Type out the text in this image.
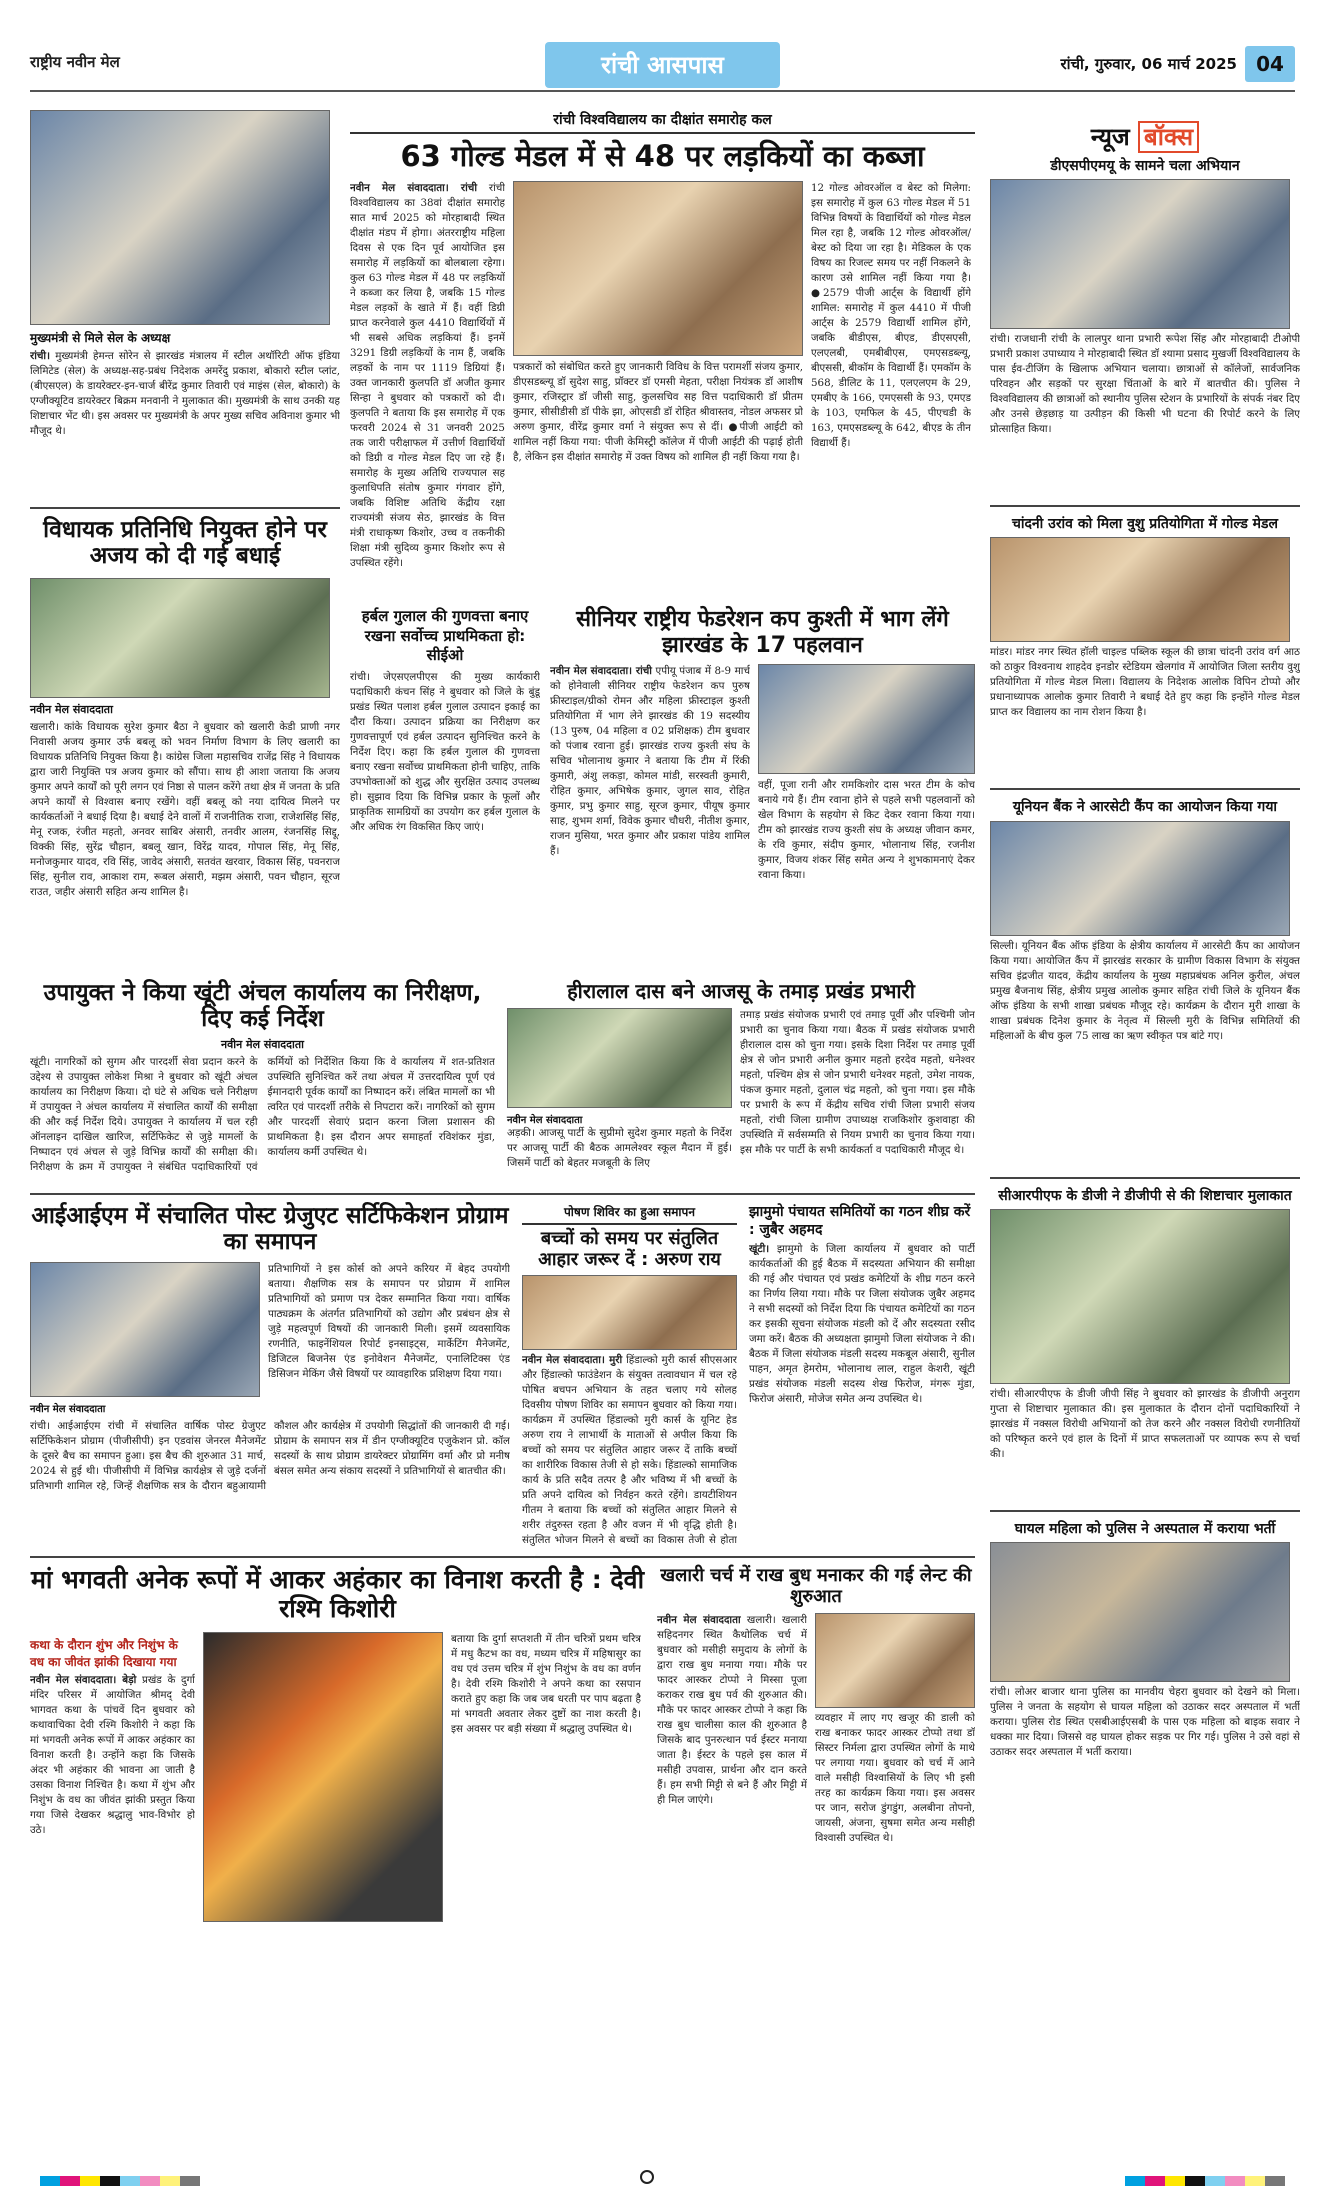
राष्ट्रीय नवीन मेल	रांची आसपास	रांची, गुरुवार, 06 मार्च 2025 04
मुख्यमंत्री से मिले सेल के अध्यक्ष
रांची। मुख्यमंत्री हेमन्त सोरेन से झारखंड मंत्रालय में स्टील अथॉरिटी ऑफ इंडिया लिमिटेड (सेल) के अध्यक्ष-सह-प्रबंध निदेशक अमरेंदु प्रकाश, बोकारो स्टील प्लांट, (बीएसएल) के डायरेक्टर-इन-चार्ज बीरेंद्र कुमार तिवारी एवं माइंस (सेल, बोकारो) के एग्जीक्यूटिव डायरेक्टर बिक्रम मनवानी ने मुलाकात की। मुख्यमंत्री के साथ उनकी यह शिष्टाचार भेंट थी। इस अवसर पर मुख्यमंत्री के अपर मुख्य सचिव अविनाश कुमार भी मौजूद थे।
विधायक प्रतिनिधि नियुक्त होने पर अजय को दी गई बधाई
नवीन मेल संवाददाता
खलारी। कांके विधायक सुरेश कुमार बैठा ने बुधवार को खलारी केडी प्राणी नगर निवासी अजय कुमार उर्फ बबलू को भवन निर्माण विभाग के लिए खलारी का विधायक प्रतिनिधि नियुक्त किया है। कांग्रेस जिला महासचिव राजेंद्र सिंह ने विधायक द्वारा जारी नियुक्ति पत्र अजय कुमार को सौंपा। साथ ही आशा जताया कि अजय कुमार अपने कार्यों को पूरी लगन एवं निष्ठा से पालन करेंगे तथा क्षेत्र में जनता के प्रति अपने कार्यों से विश्वास बनाए रखेंगे। वहीं बबलू को नया दायित्व मिलने पर कार्यकर्ताओं ने बधाई दिया है। बधाई देने वालों में राजनीतिक राजा, राजेशसिंह सिंह, मेनू रजक, रंजीत महतो, अनवर साबिर अंसारी, तनवीर आलम, रंजनसिंह सिद्दू, विक्की सिंह, सुरेंद्र चौहान, बबलू खान, विरेंद्र यादव, गोपाल सिंह, मेनू सिंह, मनोजकुमार यादव, रवि सिंह, जावेद अंसारी, सतवंत खरवार, विकास सिंह, पवनराज सिंह, सुनील राव, आकाश राम, रूबल अंसारी, मझम अंसारी, पवन चौहान, सूरज राउत, जहीर अंसारी सहित अन्य शामिल है।
रांची विश्वविद्यालय का दीक्षांत समारोह कल
63 गोल्ड मेडल में से 48 पर लड़कियों का कब्जा
नवीन मेल संवाददाता। रांची रांची विश्वविद्यालय का 38वां दीक्षांत समारोह सात मार्च 2025 को मोरहाबादी स्थित दीक्षांत मंडप में होगा। अंतरराष्ट्रीय महिला दिवस से एक दिन पूर्व आयोजित इस समारोह में लड़कियों का बोलबाला रहेगा। कुल 63 गोल्ड मेडल में 48 पर लड़कियों ने कब्जा कर लिया है, जबकि 15 गोल्ड मेडल लड़कों के खाते में हैं। वहीं डिग्री प्राप्त करनेवाले कुल 4410 विद्यार्थियों में भी सबसे अधिक लड़कियां हैं। इनमें 3291 डिग्री लड़कियों के नाम हैं, जबकि लड़कों के नाम पर 1119 डिग्रियां हैं। उक्त जानकारी कुलपति डॉ अजीत कुमार सिन्हा ने बुधवार को पत्रकारों को दी। कुलपति ने बताया कि इस समारोह में एक फरवरी 2024 से 31 जनवरी 2025 तक जारी परीक्षाफल में उत्तीर्ण विद्यार्थियों को डिग्री व गोल्ड मेडल दिए जा रहे हैं। समारोह के मुख्य अतिथि राज्यपाल सह कुलाधिपति संतोष कुमार गंगवार होंगे, जबकि विशिष्ट अतिथि केंद्रीय रक्षा राज्यमंत्री संजय सेठ, झारखंड के वित्त मंत्री राधाकृष्ण किशोर, उच्च व तकनीकी शिक्षा मंत्री सुदिव्य कुमार किशोर रूप से उपस्थित रहेंगे।
पत्रकारों को संबोधित करते हुए जानकारी विविध के वित्त परामर्शी संजय कुमार, डीएसडब्ल्यू डॉ सुदेश साहु, प्रॉक्टर डॉ एमसी मेहता, परीक्षा नियंत्रक डॉ आशीष कुमार, रजिस्ट्रार डॉ जीसी साहु, कुलसचिव सह वित्त पदाधिकारी डॉ प्रीतम कुमार, सीसीडीसी डॉ पीके झा, ओएसडी डॉ रोहित श्रीवास्तव, नोडल अफसर प्रो अरुण कुमार, वीरेंद्र कुमार वर्मा ने संयुक्त रूप से दीं। ●पीजी आईटी को शामिल नहीं किया गया: पीजी केमिस्ट्री कॉलेज में पीजी आईटी की पढ़ाई होती है, लेकिन इस दीक्षांत समारोह में उक्त विषय को शामिल ही नहीं किया गया है।
12 गोल्ड ओवरऑल व बेस्ट को मिलेगा: इस समारोह में कुल 63 गोल्ड मेडल में 51 विभिन्न विषयों के विद्यार्थियों को गोल्ड मेडल मिल रहा है, जबकि 12 गोल्ड ओवरऑल/बेस्ट को दिया जा रहा है। मेडिकल के एक विषय का रिजल्ट समय पर नहीं निकलने के कारण उसे शामिल नहीं किया गया है। ●2579 पीजी आर्ट्स के विद्यार्थी होंगे शामिल: समारोह में कुल 4410 में पीजी आर्ट्स के 2579 विद्यार्थी शामिल होंगे, जबकि बीडीएस, बीएड, डीएसएसी, एलएलबी, एमबीबीएस, एमएसडब्ल्यू, बीएससी, बीकॉम के विद्यार्थी हैं। एमकॉम के 568, डीलिट के 11, एलएलएम के 29, एमबीए के 166, एमएससी के 93, एमएड के 103, एमफिल के 45, पीएचडी के 163, एमएसडब्ल्यू के 642, बीएड के तीन विद्यार्थी हैं।
हर्बल गुलाल की गुणवत्ता बनाए रखना सर्वोच्च प्राथमिकता हो: सीईओ
रांची। जेएसएलपीएस की मुख्य कार्यकारी पदाधिकारी कंचन सिंह ने बुधवार को जिले के बुंडू प्रखंड स्थित पलाश हर्बल गुलाल उत्पादन इकाई का दौरा किया। उत्पादन प्रक्रिया का निरीक्षण कर गुणवत्तापूर्ण एवं हर्बल उत्पादन सुनिश्चित करने के निर्देश दिए। कहा कि हर्बल गुलाल की गुणवत्ता बनाए रखना सर्वोच्च प्राथमिकता होनी चाहिए, ताकि उपभोक्ताओं को शुद्ध और सुरक्षित उत्पाद उपलब्ध हो। सुझाव दिया कि विभिन्न प्रकार के फूलों और प्राकृतिक सामग्रियों का उपयोग कर हर्बल गुलाल के और अधिक रंग विकसित किए जाएं।
सीनियर राष्ट्रीय फेडरेशन कप कुश्ती में भाग लेंगे झारखंड के 17 पहलवान
नवीन मेल संवाददाता। रांची एपीयू पंजाब में 8-9 मार्च को होनेवाली सीनियर राष्ट्रीय फेडरेशन कप पुरुष फ्रीस्टाइल/ग्रीको रोमन और महिला फ्रीस्टाइल कुश्ती प्रतियोगिता में भाग लेने झारखंड की 19 सदस्यीय (13 पुरुष, 04 महिला व 02 प्रशिक्षक) टीम बुधवार को पंजाब रवाना हुई। झारखंड राज्य कुश्ती संघ के सचिव भोलानाथ कुमार ने बताया कि टीम में रिंकी कुमारी, अंशु लकड़ा, कोमल मांडी, सरस्वती कुमारी, रोहित कुमार, अभिषेक कुमार, जुगल साव, रोहित कुमार, प्रभु कुमार साहु, सूरज कुमार, पीयूष कुमार साह, शुभम शर्मा, विवेक कुमार चौधरी, नीतीश कुमार, राजन मुसिया, भरत कुमार और प्रकाश पांडेय शामिल हैं।
वहीं, पूजा रानी और रामकिशोर दास भरत टीम के कोच बनाये गये हैं। टीम रवाना होने से पहले सभी पहलवानों को खेल विभाग के सहयोग से किट देकर रवाना किया गया। टीम को झारखंड राज्य कुश्ती संघ के अध्यक्ष जीवान कमर, के रवि कुमार, संदीप कुमार, भोलानाथ सिंह, रजनीश कुमार, विजय शंकर सिंह समेत अन्य ने शुभकामनाएं देकर रवाना किया।
उपायुक्त ने किया खूंटी अंचल कार्यालय का निरीक्षण, दिए कई निर्देश
नवीन मेल संवाददाता
खूंटी। नागरिकों को सुगम और पारदर्शी सेवा प्रदान करने के उद्देश्य से उपायुक्त लोकेश मिश्रा ने बुधवार को खूंटी अंचल कार्यालय का निरीक्षण किया। दो घंटे से अधिक चले निरीक्षण में उपायुक्त ने अंचल कार्यालय में संचालित कार्यों की समीक्षा की और कई निर्देश दिये। उपायुक्त ने कार्यालय में चल रही ऑनलाइन दाखिल खारिज, सर्टिफिकेट से जुड़े मामलों के निष्पादन एवं अंचल से जुड़े विभिन्न कार्यों की समीक्षा की। निरीक्षण के क्रम में उपायुक्त ने संबंधित पदाधिकारियों एवं कर्मियों को निर्देशित किया कि वे कार्यालय में शत-प्रतिशत उपस्थिति सुनिश्चित करें तथा अंचल में उत्तरदायित्व पूर्ण एवं ईमानदारी पूर्वक कार्यों का निष्पादन करें। लंबित मामलों का भी त्वरित एवं पारदर्शी तरीके से निपटारा करें। नागरिकों को सुगम और पारदर्शी सेवाएं प्रदान करना जिला प्रशासन की प्राथमिकता है। इस दौरान अपर समाहर्ता रविशंकर मुंडा, कार्यालय कर्मी उपस्थित थे।
हीरालाल दास बने आजसू के तमाड़ प्रखंड प्रभारी
नवीन मेल संवाददाता
अड़की। आजसू पार्टी के सुप्रीमो सुदेश कुमार महतो के निर्देश पर आजसू पार्टी की बैठक आमलेश्वर स्कूल मैदान में हुई। जिसमें पार्टी को बेहतर मजबूती के लिए
तमाड़ प्रखंड संयोजक प्रभारी एवं तमाड़ पूर्वी और पश्चिमी जोन प्रभारी का चुनाव किया गया। बैठक में प्रखंड संयोजक प्रभारी हीरालाल दास को चुना गया। इसके दिशा निर्देश पर तमाड़ पूर्वी क्षेत्र से जोन प्रभारी अनील कुमार महतो हरदेव महतो, धनेश्वर महतो, पश्चिम क्षेत्र से जोन प्रभारी धनेश्वर महतो, उमेश नायक, पंकज कुमार महतो, दुलाल चंद्र महतो, को चुना गया। इस मौके पर प्रभारी के रूप में केंद्रीय सचिव रांची जिला प्रभारी संजय महतो, रांची जिला ग्रामीण उपाध्यक्ष राजकिशोर कुशवाहा की उपस्थिति में सर्वसम्मति से नियम प्रभारी का चुनाव किया गया। इस मौके पर पार्टी के सभी कार्यकर्ता व पदाधिकारी मौजूद थे।
आईआईएम में संचालित पोस्ट ग्रेजुएट सर्टिफिकेशन प्रोग्राम का समापन
नवीन मेल संवाददाता
प्रतिभागियों ने इस कोर्स को अपने करियर में बेहद उपयोगी बताया। शैक्षणिक सत्र के समापन पर प्रोग्राम में शामिल प्रतिभागियों को प्रमाण पत्र देकर सम्मानित किया गया। वार्षिक पाठ्यक्रम के अंतर्गत प्रतिभागियों को उद्योग और प्रबंधन क्षेत्र से जुड़े महत्वपूर्ण विषयों की जानकारी मिली। इसमें व्यवसायिक रणनीति, फाइनेंशियल रिपोर्ट इनसाइट्स, मार्केटिंग मैनेजमेंट, डिजिटल बिजनेस एंड इनोवेशन मैनेजमेंट, एनालिटिक्स एंड डिसिजन मेकिंग जैसे विषयों पर व्यावहारिक प्रशिक्षण दिया गया।
रांची। आईआईएम रांची में संचालित वार्षिक पोस्ट ग्रेजुएट सर्टिफिकेशन प्रोग्राम (पीजीसीपी) इन एडवांस जेनरल मैनेजमेंट के दूसरे बैच का समापन हुआ। इस बैच की शुरुआत 31 मार्च, 2024 से हुई थी। पीजीसीपी में विभिन्न कार्यक्षेत्र से जुड़े दर्जनों प्रतिभागी शामिल रहे, जिन्हें शैक्षणिक सत्र के दौरान बहुआयामी कौशल और कार्यक्षेत्र में उपयोगी सिद्धांतों की जानकारी दी गई। प्रोग्राम के समापन सत्र में डीन एग्जीक्यूटिव एजुकेशन प्रो. कॉल सदस्यों के साथ प्रोग्राम डायरेक्टर प्रोग्रामिंग वर्मा और प्रो मनीष बंसल समेत अन्य संकाय सदस्यों ने प्रतिभागियों से बातचीत की।
पोषण शिविर का हुआ समापन
बच्चों को समय पर संतुलित आहार जरूर दें : अरुण राय
नवीन मेल संवाददाता। मुरी हिंडाल्को मुरी कार्स सीएसआर और हिंडाल्को फाउंडेशन के संयुक्त तत्वावधान में चल रहे पोषित बचपन अभियान के तहत चलाए गये सोलह दिवसीय पोषण शिविर का समापन बुधवार को किया गया। कार्यक्रम में उपस्थित हिंडाल्को मुरी कार्स के यूनिट हेड अरुण राय ने लाभार्थी के माताओं से अपील किया कि बच्चों को समय पर संतुलित आहार जरूर दें ताकि बच्चों का शारीरिक विकास तेजी से हो सके। हिंडाल्को सामाजिक कार्य के प्रति सदैव तत्पर है और भविष्य में भी बच्चों के प्रति अपने दायित्व को निर्वहन करते रहेंगे। डायटीशियन गीतम ने बताया कि बच्चों को संतुलित आहार मिलने से शरीर तंदुरुस्त रहता है और वजन में भी वृद्धि होती है। संतुलित भोजन मिलने से बच्चों का विकास तेजी से होता
झामुमो पंचायत समितियों का गठन शीघ्र करें : जुबैर अहमद
खूंटी। झामुमो के जिला कार्यालय में बुधवार को पार्टी कार्यकर्ताओं की हुई बैठक में सदस्यता अभियान की समीक्षा की गई और पंचायत एवं प्रखंड कमेटियों के शीघ्र गठन करने का निर्णय लिया गया। मौके पर जिला संयोजक जुबैर अहमद ने सभी सदस्यों को निर्देश दिया कि पंचायत कमेटियों का गठन कर इसकी सूचना संयोजक मंडली को दें और सदस्यता रसीद जमा करें। बैठक की अध्यक्षता झामुमो जिला संयोजक ने की। बैठक में जिला संयोजक मंडली सदस्य मकबूल अंसारी, सुनील पाहन, अमृत हेमरोम, भोलानाथ लाल, राहुल केशरी, खूंटी प्रखंड संयोजक मंडली सदस्य शेख फिरोज, मंगरू मुंडा, फिरोज अंसारी, मोजेज समेत अन्य उपस्थित थे।
मां भगवती अनेक रूपों में आकर अहंकार का विनाश करती है : देवी रश्मि किशोरी
कथा के दौरान शुंभ और निशुंभ के वध का जीवंत झांकी दिखाया गया
नवीन मेल संवाददाता। बेड़ो प्रखंड के दुर्गा मंदिर परिसर में आयोजित श्रीमद् देवी भागवत कथा के पांचवें दिन बुधवार को कथावाचिका देवी रश्मि किशोरी ने कहा कि मां भगवती अनेक रूपों में आकर अहंकार का विनाश करती है। उन्होंने कहा कि जिसके अंदर भी अहंकार की भावना आ जाती है उसका विनाश निश्चित है। कथा में शुंभ और निशुंभ के वध का जीवंत झांकी प्रस्तुत किया गया जिसे देखकर श्रद्धालु भाव-विभोर हो उठे।
बताया कि दुर्गा सप्तशती में तीन चरित्रों प्रथम चरित्र में मधु कैटभ का वध, मध्यम चरित्र में महिषासुर का वध एवं उत्तम चरित्र में शुंभ निशुंभ के वध का वर्णन है। देवी रश्मि किशोरी ने अपने कथा का रसपान कराते हुए कहा कि जब जब धरती पर पाप बढ़ता है मां भगवती अवतार लेकर दुष्टों का नाश करती है। इस अवसर पर बड़ी संख्या में श्रद्धालु उपस्थित थे।
खलारी चर्च में राख बुध मनाकर की गई लेन्ट की शुरुआत
नवीन मेल संवाददाता खलारी। खलारी सहिदनगर स्थित कैथोलिक चर्च में बुधवार को मसीही समुदाय के लोगों के द्वारा राख बुध मनाया गया। मौके पर फादर आस्कर टोप्पो ने मिस्सा पूजा कराकर राख बुध पर्व की शुरुआत की। मौके पर फादर आस्कर टोप्पो ने कहा कि राख बुध चालीसा काल की शुरुआत है जिसके बाद पुनरुत्थान पर्व ईस्टर मनाया जाता है। ईस्टर के पहले इस काल में मसीही उपवास, प्रार्थना और दान करते हैं। हम सभी मिट्टी से बने हैं और मिट्टी में ही मिल जाएंगे।
व्यवहार में लाए गए खजूर की डाली को राख बनाकर फादर आस्कर टोप्पो तथा डॉ सिस्टर निर्मला द्वारा उपस्थित लोगों के माथे पर लगाया गया। बुधवार को चर्च में आने वाले मसीही विश्वासियों के लिए भी इसी तरह का कार्यक्रम किया गया। इस अवसर पर जान, सरोज डुंगडुंग, अलबीना तोपनो, जायसी, अंजना, सुषमा समेत अन्य मसीही विश्वासी उपस्थित थे।
न्यूज बॉक्स
डीएसपीएमयू के सामने चला अभियान
रांची। राजधानी रांची के लालपुर थाना प्रभारी रूपेश सिंह और मोरहाबादी टीओपी प्रभारी प्रकाश उपाध्याय ने मोरहाबादी स्थित डॉ श्यामा प्रसाद मुखर्जी विश्वविद्यालय के पास ईव-टीजिंग के खिलाफ अभियान चलाया। छात्राओं से कॉलेजों, सार्वजनिक परिवहन और सड़कों पर सुरक्षा चिंताओं के बारे में बातचीत की। पुलिस ने विश्वविद्यालय की छात्राओं को स्थानीय पुलिस स्टेशन के प्रभारियों के संपर्क नंबर दिए और उनसे छेड़छाड़ या उत्पीड़न की किसी भी घटना की रिपोर्ट करने के लिए प्रोत्साहित किया।
चांदनी उरांव को मिला वुशु प्रतियोगिता में गोल्ड मेडल
मांडर। मांडर नगर स्थित हॉली चाइल्ड पब्लिक स्कूल की छात्रा चांदनी उरांव वर्ग आठ को ठाकुर विश्वनाथ शाहदेव इनडोर स्टेडियम खेलगांव में आयोजित जिला स्तरीय वुशु प्रतियोगिता में गोल्ड मेडल मिला। विद्यालय के निदेशक आलोक विपिन टोप्पो और प्रधानाध्यापक आलोक कुमार तिवारी ने बधाई देते हुए कहा कि इन्होंने गोल्ड मेडल प्राप्त कर विद्यालय का नाम रोशन किया है।
यूनियन बैंक ने आरसेटी कैंप का आयोजन किया गया
सिल्ली। यूनियन बैंक ऑफ इंडिया के क्षेत्रीय कार्यालय में आरसेटी कैंप का आयोजन किया गया। आयोजित कैंप में झारखंड सरकार के ग्रामीण विकास विभाग के संयुक्त सचिव इंद्रजीत यादव, केंद्रीय कार्यालय के मुख्य महाप्रबंधक अनिल कुरील, अंचल प्रमुख बैजनाथ सिंह, क्षेत्रीय प्रमुख आलोक कुमार सहित रांची जिले के यूनियन बैंक ऑफ इंडिया के सभी शाखा प्रबंधक मौजूद रहे। कार्यक्रम के दौरान मुरी शाखा के शाखा प्रबंधक दिनेश कुमार के नेतृत्व में सिल्ली मुरी के विभिन्न समितियों की महिलाओं के बीच कुल 75 लाख का ऋण स्वीकृत पत्र बांटे गए।
सीआरपीएफ के डीजी ने डीजीपी से की शिष्टाचार मुलाकात
रांची। सीआरपीएफ के डीजी जीपी सिंह ने बुधवार को झारखंड के डीजीपी अनुराग गुप्ता से शिष्टाचार मुलाकात की। इस मुलाकात के दौरान दोनों पदाधिकारियों ने झारखंड में नक्सल विरोधी अभियानों को तेज करने और नक्सल विरोधी रणनीतियों को परिष्कृत करने एवं हाल के दिनों में प्राप्त सफलताओं पर व्यापक रूप से चर्चा की।
घायल महिला को पुलिस ने अस्पताल में कराया भर्ती
रांची। लोअर बाजार थाना पुलिस का मानवीय चेहरा बुधवार को देखने को मिला। पुलिस ने जनता के सहयोग से घायल महिला को उठाकर सदर अस्पताल में भर्ती कराया। पुलिस रोड स्थित एसबीआईएसबी के पास एक महिला को बाइक सवार ने धक्का मार दिया। जिससे वह घायल होकर सड़क पर गिर गई। पुलिस ने उसे वहां से उठाकर सदर अस्पताल में भर्ती कराया।
